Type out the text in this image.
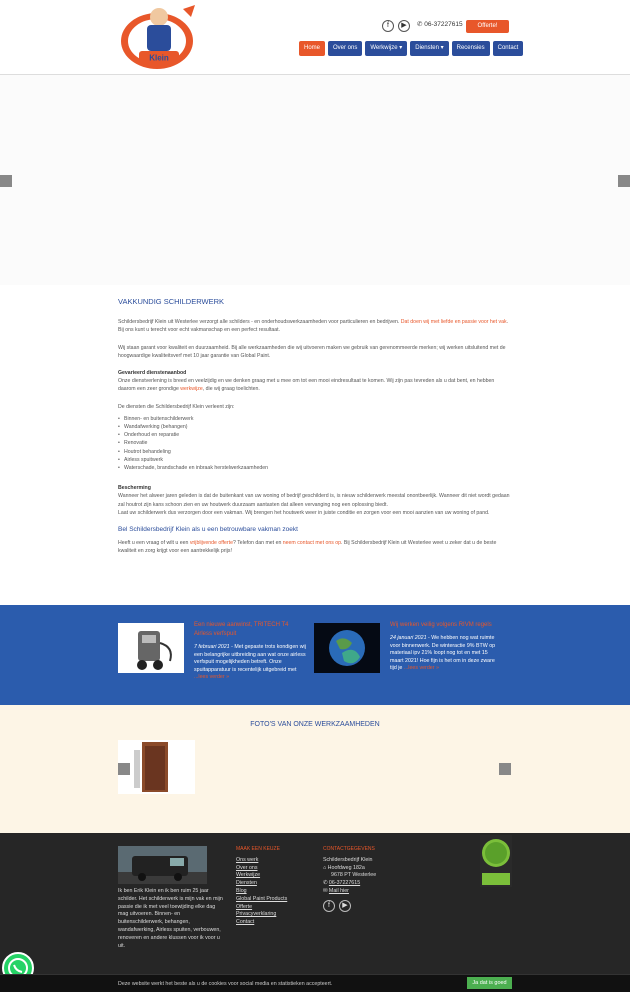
Klein
f	▶	✆ 06-37227615	Offerte!
Home	Over ons	Werkwijze ▾	Diensten ▾	Recensies	Contact
VAKKUNDIG SCHILDERWERK

Schildersbedrijf Klein uit Westerlee verzorgt alle schilders - en onderhoudswerkzaamheden voor particulieren en bedrijven. Dat doen wij met liefde en passie voor het vak. Bij ons kunt u terecht voor echt vakmanschap en een perfect resultaat.

Wij staan garant voor kwaliteit en duurzaamheid. Bij alle werkzaamheden die wij uitvoeren maken we gebruik van gerenommeerde merken; wij werken uitsluitend met de hoogwaardige kwaliteitsverf met 10 jaar garantie van Global Paint.

Gevarieerd dienstenaanbod

Onze dienstverlening is breed en veelzijdig en we denken graag met u mee om tot een mooi eindresultaat te komen. Wij zijn pas tevreden als u dat bent, en hebben daarom een zeer grondige werkwijze, die wij graag toelichten.

De diensten die Schildersbedrijf Klein verleent zijn:

• Binnen- en buitenschilderwerk
• Wandafwerking (behangen)
• Onderhoud en reparatie
• Renovatie
• Houtrot behandeling
• Airless spuitwerk
• Waterschade, brandschade en inbraak herstelwerkzaamheden
Bescherming

Wanneer het alweer jaren geleden is dat de buitenkant van uw woning of bedrijf geschilderd is, is nieuw schilderwerk meestal onontbeerlijk. Wanneer dit niet wordt gedaan zal houtrot zijn kans schoon zien en uw houtwerk duurzaam aantasten dat alleen vervanging nog een oplossing biedt.

Laat uw schilderwerk dus verzorgen door een vakman. Wij brengen het houtwerk weer in juiste conditie en zorgen voor een mooi aanzien van uw woning of pand.

Bel Schildersbedrijf Klein als u een betrouwbare vakman zoekt

Heeft u een vraag of wilt u een vrijblijvende offerte? Telefon dan met en neem contact met ons op. Bij Schildersbedrijf Klein uit Westerlee weet u zeker dat u de beste kwaliteit en zorg krijgt voor een aantrekkelijk prijs!

Een nieuwe aanwinst, TRITECH T4 Airless verfspuit
7 februari 2021 - Met gepaste trots kondigen wij een belangrijke uitbreiding aan wat onze airless verfspuit mogelijkheden betreft. Onze spuitapparatuur is recentelijk uitgebreid met ...lees verder »
Wij werken veilig volgens RIVM regels
24 januari 2021 - We hebben nog wat ruimte voor binnenwerk. De winteractie 9% BTW op materiaal ipv 21% loopt nog tot en met 15 maart 2021! Hoe fijn is het om in deze zware tijd je ...lees verder »
FOTO'S VAN ONZE WERKZAAMHEDEN
Ik ben Erik Klein en ik ben ruim 25 jaar schilder. Het schilderwerk is mijn vak en mijn passie die ik met veel toewijding elke dag mag uitvoeren. Binnen- en buitenschilderwerk, behangen, wandafwerking, Airless spuiten, verbouwen, renoveren en andere klussen voor ik voor u uit.
MAAK EEN KEUZE
Ons werk
Over ons
Werkwijze
Diensten
Blog
Global Paint Products
Offerte
Privacyverklaring
Contact
CONTACTGEGEVENS
Schildersbedrijf Klein
⌂ Hoofdweg 182a
9678 PT Westerlee
✆ 06-37227615
✉ Mail hier
f	▶
Deze website werkt het beste als u de cookies voor social media en statistieken accepteert.	Ja dat is goed
